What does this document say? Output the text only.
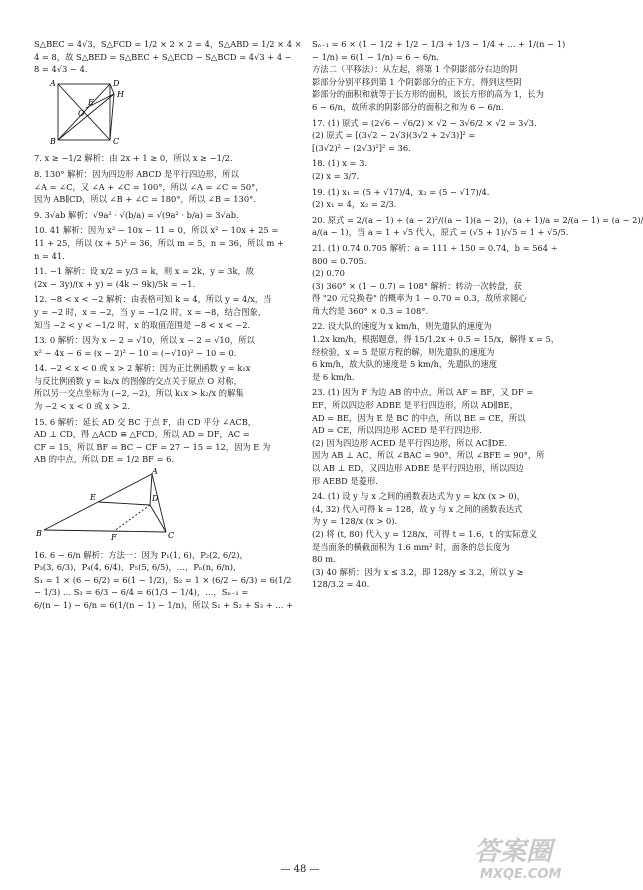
S△BEC = 4√3，S△FCD = 1/2 × 2 × 2 = 4，S△ABD = 1/2 × 4 ×
4 = 8，故 S△BED = S△BEC + S△ECD − S△BCD = 4√3 + 4 −
8 = 4√3 − 4.
A	D
H
O
E
B	C
7. x ≥ −1/2 解析：由 2x + 1 ≥ 0，所以 x ≥ −1/2.
8. 130° 解析：因为四边形 ABCD 是平行四边形，所以
∠A = ∠C，又 ∠A + ∠C = 100°，所以 ∠A = ∠C = 50°，
因为 AB∥CD，所以 ∠B + ∠C = 180°，所以 ∠B = 130°.
9. 3√ab 解析：√9a² · √(b/a) = √(9a² · b/a) = 3√ab.
10. 41 解析：因为 x² − 10x − 11 = 0，所以 x² − 10x + 25 =
11 + 25，所以 (x + 5)² = 36，所以 m = 5，n = 36，所以 m +
n = 41.
11. −1 解析：设 x/2 = y/3 = k，则 x = 2k，y = 3k，故
(2x − 3y)/(x + y) = (4k − 9k)/5k = −1.
12. −8 < x < −2 解析：由表格可知 k = 4，所以 y = 4/x，当
y = −2 时，x = −2，当 y = −1/2 时，x = −8，结合图象，
知当 −2 < y < −1/2 时，x 的取值范围是 −8 < x < −2.
13. 0 解析：因为 x − 2 = √10，所以 x − 2 = √10，所以
x² − 4x − 6 = (x − 2)² − 10 = (−√10)² − 10 = 0.
14. −2 < x < 0 或 x > 2 解析：因为正比例函数 y = k₁x
与反比例函数 y = k₂/x 的图像的交点关于原点 O 对称，
所以另一交点坐标为 (−2, −2)，所以 k₁x > k₂/x 的解集
为 −2 < x < 0 或 x > 2.
15. 6 解析：延长 AD 交 BC 于点 F，由 CD 平分 ∠ACB，
AD ⊥ CD，得 △ACD ≌ △FCD，所以 AD = DF，AC =
CF = 15，所以 BF = BC − CF = 27 − 15 = 12，因为 E 为
AB 的中点，所以 DE = 1/2 BF = 6.
A
E	D
F
B	C
16. 6 − 6/n 解析：方法一：因为 P₁(1, 6)，P₂(2, 6/2)，
P₃(3, 6/3)，P₄(4, 6/4)，P₅(5, 6/5)，…，Pₙ(n, 6/n)，
S₁ = 1 × (6 − 6/2) = 6(1 − 1/2)，S₂ = 1 × (6/2 − 6/3) = 6(1/2
− 1/3) … S₃ = 6/3 − 6/4 = 6(1/3 − 1/4)，…，Sₙ₋₁ =
6/(n − 1) − 6/n = 6(1/(n − 1) − 1/n)，所以 S₁ + S₂ + S₃ + … +
Sₙ₋₁ = 6 × (1 − 1/2 + 1/2 − 1/3 + 1/3 − 1/4 + … + 1/(n − 1)
− 1/n) = 6(1 − 1/n) = 6 − 6/n.
方法二（平移法）：从左起，将第 1 个阴影部分右边的阴
影部分分别平移到第 1 个阴影部分的正下方，得到这些阴
影部分的面积和就等于长方形的面积，该长方形的高为 1，长为
6 − 6/n，故所求的阴影部分的面积之和为 6 − 6/n.
17. (1) 原式 = (2√6 − √6/2) × √2 − 3√6/2 × √2 = 3√3.
(2) 原式 = [(3√2 − 2√3)(3√2 + 2√3)]² =
[(3√2)² − (2√3)²]² = 36.
18. (1) x = 3.
(2) x = 3/7.
19. (1) x₁ = (5 + √17)/4，x₂ = (5 − √17)/4.
(2) x₁ = 4，x₂ = 2/3.
20. 原式 = 2/(a − 1) ÷ (a − 2)²/((a − 1)(a − 2))，(a + 1)/a = 2/(a − 1) = (a − 2)/
a/(a − 1)，当 a = 1 + √5 代入，原式 = (√5 + 1)/√5 = 1 + √5/5.
21. (1) 0.74 0.705 解析：a = 111 ÷ 150 = 0.74，b = 564 ÷
800 = 0.705.
(2) 0.70
(3) 360° × (1 − 0.7) = 108° 解析：转动一次转盘，获
得 "20 元兑换卷" 的概率为 1 − 0.70 = 0.3，故所求圆心
角大约是 360° × 0.3 = 108°.
22. 设大队的速度为 x km/h，则先遣队的速度为
1.2x km/h，根据题意，得 15/1.2x + 0.5 = 15/x，解得 x = 5，
经检验，x = 5 是原方程的解，则先遣队的速度为
6 km/h，故大队的速度是 5 km/h，先遣队的速度
是 6 km/h.
23. (1) 因为 F 为边 AB 的中点，所以 AF = BF，又 DF =
EF，所以四边形 ADBE 是平行四边形，所以 AD∥BE，
AD = BE，因为 E 是 BC 的中点，所以 BE = CE，所以
AD = CE，所以四边形 ACED 是平行四边形.
(2) 因为四边形 ACED 是平行四边形，所以 AC∥DE.
因为 AB ⊥ AC，所以 ∠BAC = 90°，所以 ∠BFE = 90°，所
以 AB ⊥ ED，又四边形 ADBE 是平行四边形，所以四边
形 AEBD 是菱形.
24. (1) 设 y 与 x 之间的函数表达式为 y = k/x (x > 0)，
(4, 32) 代入可得 k = 128，故 y 与 x 之间的函数表达式
为 y = 128/x (x > 0).
(2) 将 (t, 80) 代入 y = 128/x，可得 t = 1.6，t 的实际意义
是当面条的横截面积为 1.6 mm² 时，面条的总长度为
80 m.
(3) 40 解析：因为 x ≤ 3.2，即 128/y ≤ 3.2，所以 y ≥
128/3.2 = 40.
— 48 —
答案圈
MXQE.COM
